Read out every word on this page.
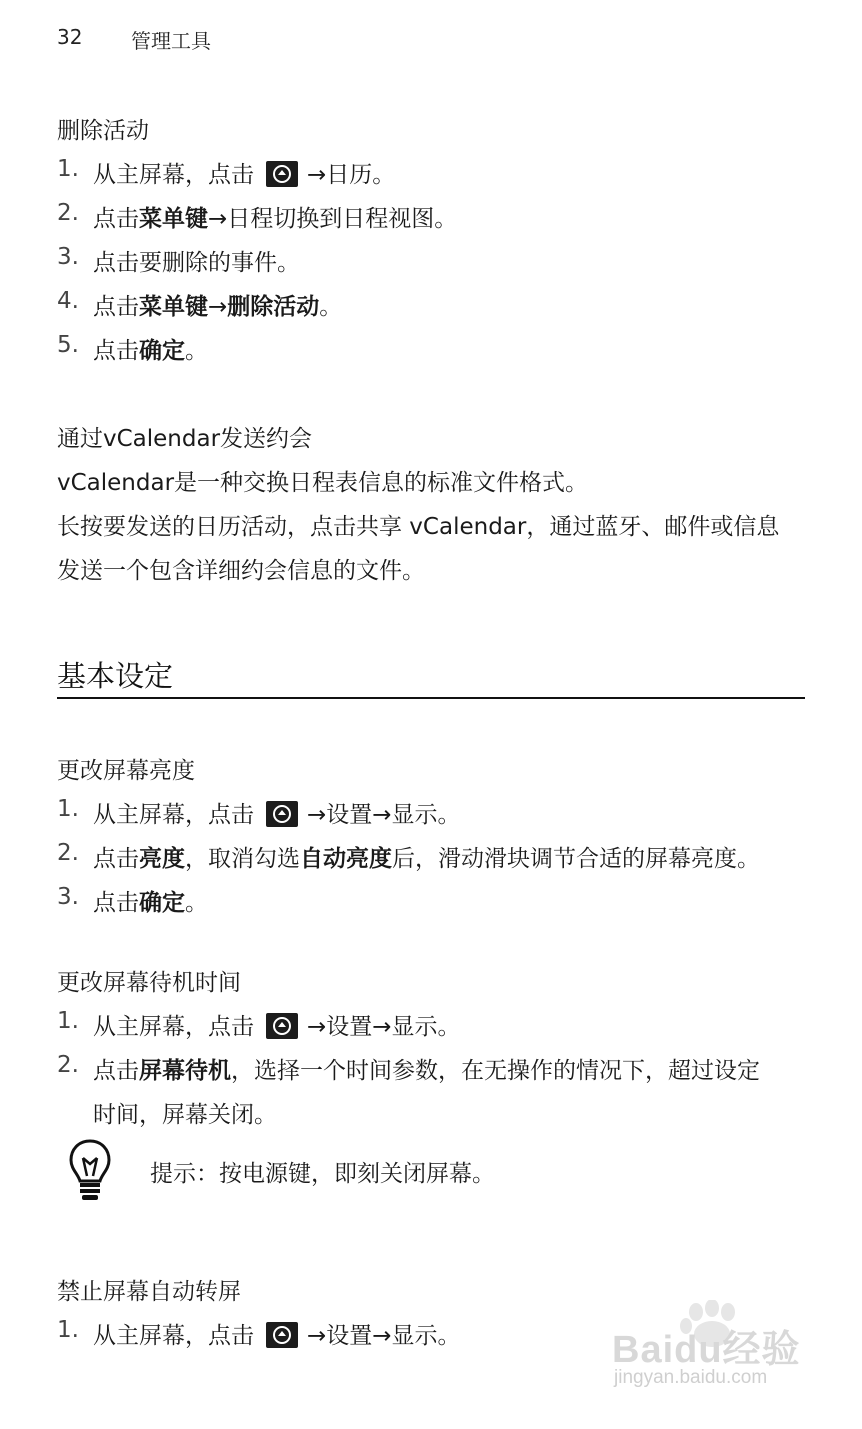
32 管理工具
删除活动
1. 从主屏幕，点击 →日历。
2. 点击菜单键→日程切换到日程视图。
3. 点击要删除的事件。
4. 点击菜单键→删除活动。
5. 点击确定。
通过vCalendar发送约会
vCalendar是一种交换日程表信息的标准文件格式。
长按要发送的日历活动，点击共享 vCalendar，通过蓝牙、邮件或信息
发送一个包含详细约会信息的文件。
基本设定
更改屏幕亮度
1. 从主屏幕，点击 →设置→显示。
2. 点击亮度，取消勾选自动亮度后，滑动滑块调节合适的屏幕亮度。
3. 点击确定。
更改屏幕待机时间
1. 从主屏幕，点击 →设置→显示。
2. 点击屏幕待机，选择一个时间参数，在无操作的情况下，超过设定
时间，屏幕关闭。
提示：按电源键，即刻关闭屏幕。
禁止屏幕自动转屏
1. 从主屏幕，点击 →设置→显示。	Baidu经验
jingyan.baidu.com
